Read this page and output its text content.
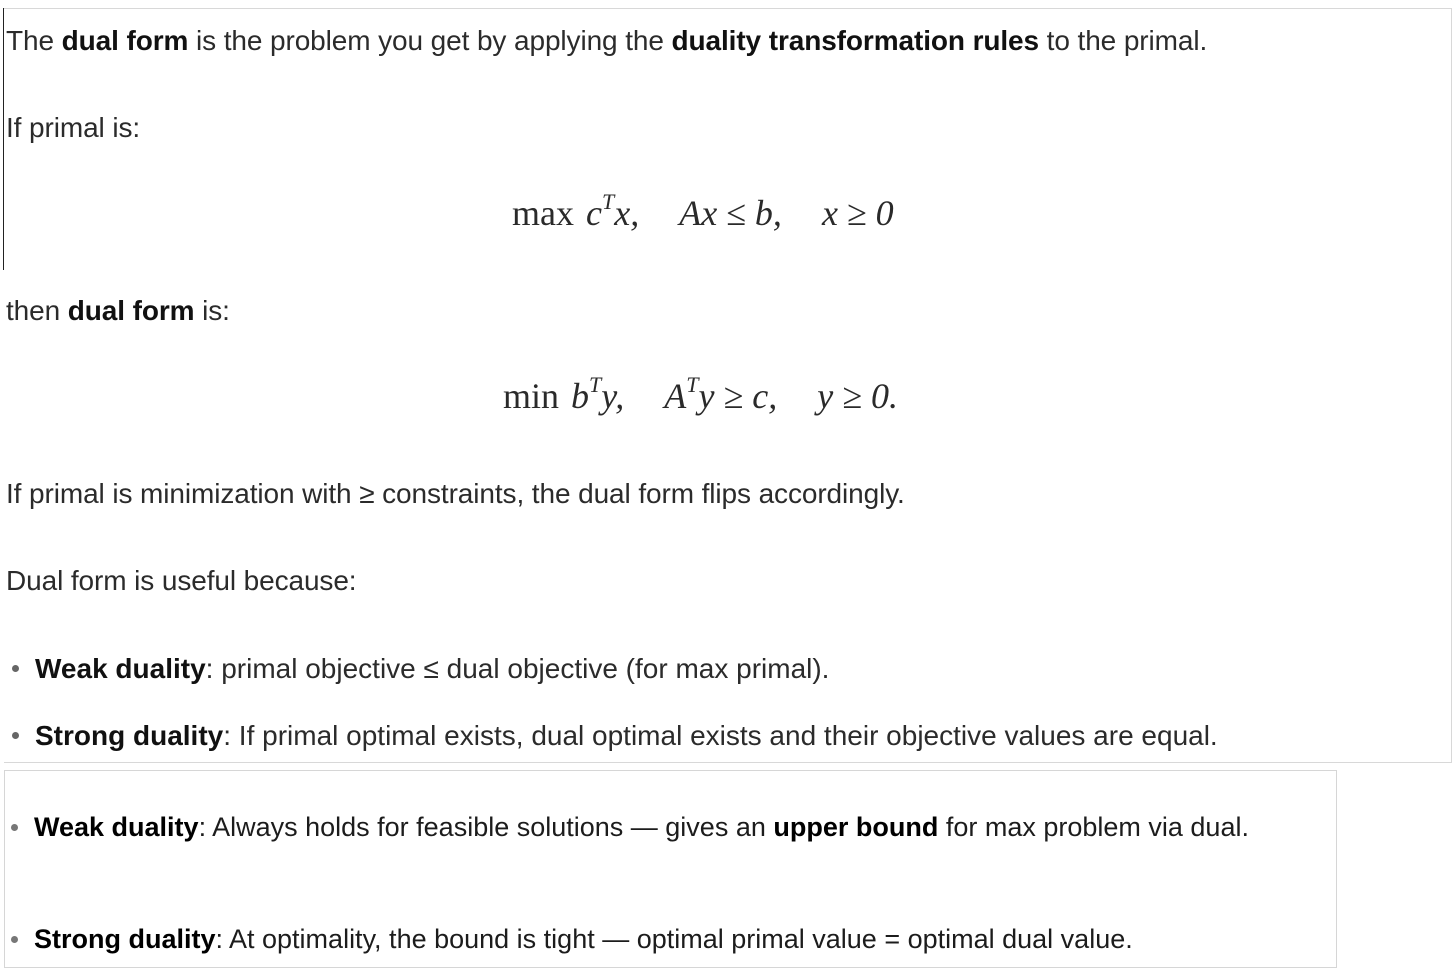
The dual form is the problem you get by applying the duality transformation rules to the primal.

If primal is:

$\max c^Tx$, Ax ≤ b, x ≥ 0

then dual form is:

$\min b^Ty$, $A^Ty \ge c$, y ≥ 0.

If primal is minimization with ≥ constraints, the dual form flips accordingly.

Dual form is useful because:

Weak duality: primal objective ≤ dual objective (for max primal).
Strong duality: If primal optimal exists, dual optimal exists and their objective values are equal.
Weak duality: Always holds for feasible solutions — gives an upper bound for max problem via dual.
Strong duality: At optimality, the bound is tight — optimal primal value = optimal dual value.
